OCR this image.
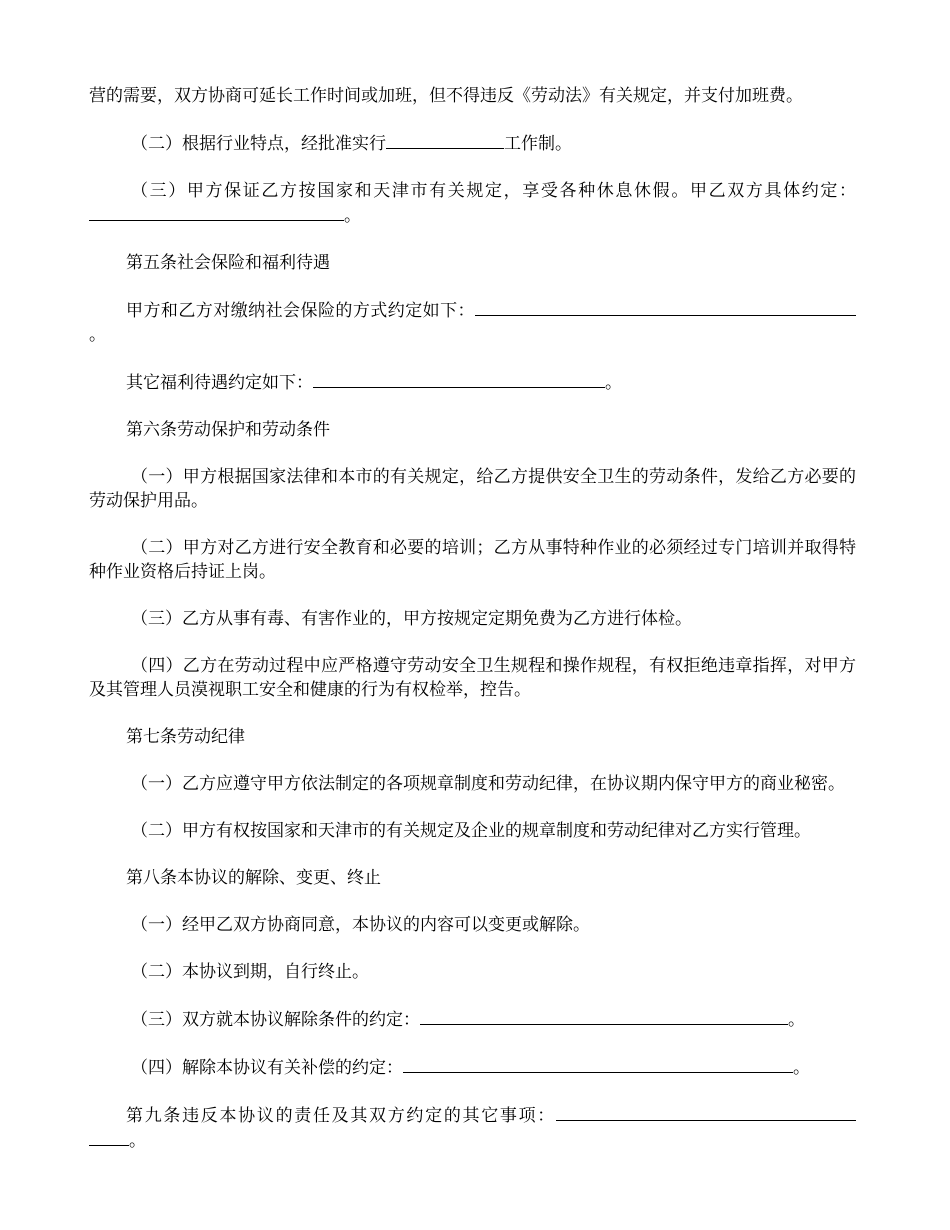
营的需要，双方协商可延长工作时间或加班，但不得违反《劳动法》有关规定，并支付加班费。

（二）根据行业特点，经批准实行	工作制。

（三）甲方保证乙方按国家和天津市有关规定，享受各种休息休假。甲乙双方具体约定：。

第五条社会保险和福利待遇

甲方和乙方对缴纳社会保险的方式约定如下：。

其它福利待遇约定如下：	。

第六条劳动保护和劳动条件

（一）甲方根据国家法律和本市的有关规定，给乙方提供安全卫生的劳动条件，发给乙方必要的劳动保护用品。

（二）甲方对乙方进行安全教育和必要的培训；乙方从事特种作业的必须经过专门培训并取得特种作业资格后持证上岗。

（三）乙方从事有毒、有害作业的，甲方按规定定期免费为乙方进行体检。

（四）乙方在劳动过程中应严格遵守劳动安全卫生规程和操作规程，有权拒绝违章指挥，对甲方及其管理人员漠视职工安全和健康的行为有权检举，控告。

第七条劳动纪律

（一）乙方应遵守甲方依法制定的各项规章制度和劳动纪律，在协议期内保守甲方的商业秘密。

（二）甲方有权按国家和天津市的有关规定及企业的规章制度和劳动纪律对乙方实行管理。

第八条本协议的解除、变更、终止

（一）经甲乙双方协商同意，本协议的内容可以变更或解除。

（二）本协议到期，自行终止。

（三）双方就本协议解除条件的约定：	。

（四）解除本协议有关补偿的约定：	。

第九条违反本协议的责任及其双方约定的其它事项：。
